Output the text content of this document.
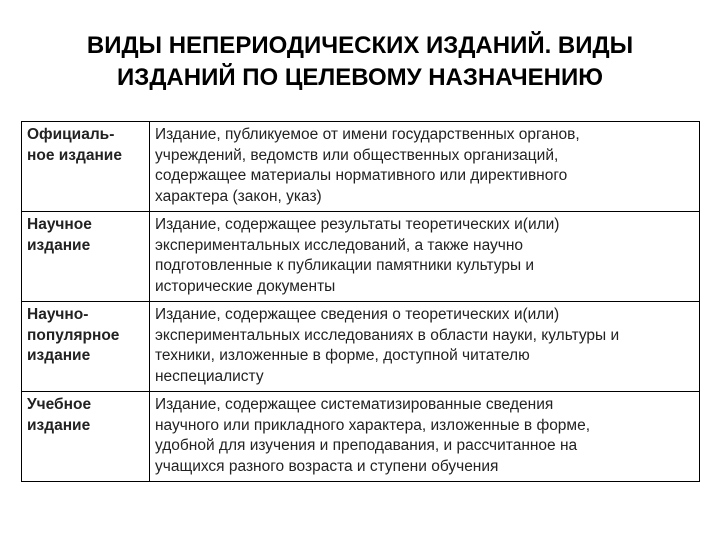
ВИДЫ НЕПЕРИОДИЧЕСКИХ ИЗДАНИЙ. ВИДЫ
ИЗДАНИЙ ПО ЦЕЛЕВОМУ НАЗНАЧЕНИЮ
Официаль-
ное издание	Издание, публикуемое от имени государственных органов,
учреждений, ведомств или общественных организаций,
содержащее материалы нормативного или директивного
характера (закон, указ)

Научное
издание	Издание, содержащее результаты теоретических и(или)
экспериментальных исследований, а также научно
подготовленные к публикации памятники культуры и
исторические документы

Научно-
популярное
издание	Издание, содержащее сведения о теоретических и(или)
экспериментальных исследованиях в области науки, культуры и
техники, изложенные в форме, доступной читателю
неспециалисту

Учебное
издание	Издание, содержащее систематизированные сведения
научного или прикладного характера, изложенные в форме,
удобной для изучения и преподавания, и рассчитанное на
учащихся разного возраста и ступени обучения
